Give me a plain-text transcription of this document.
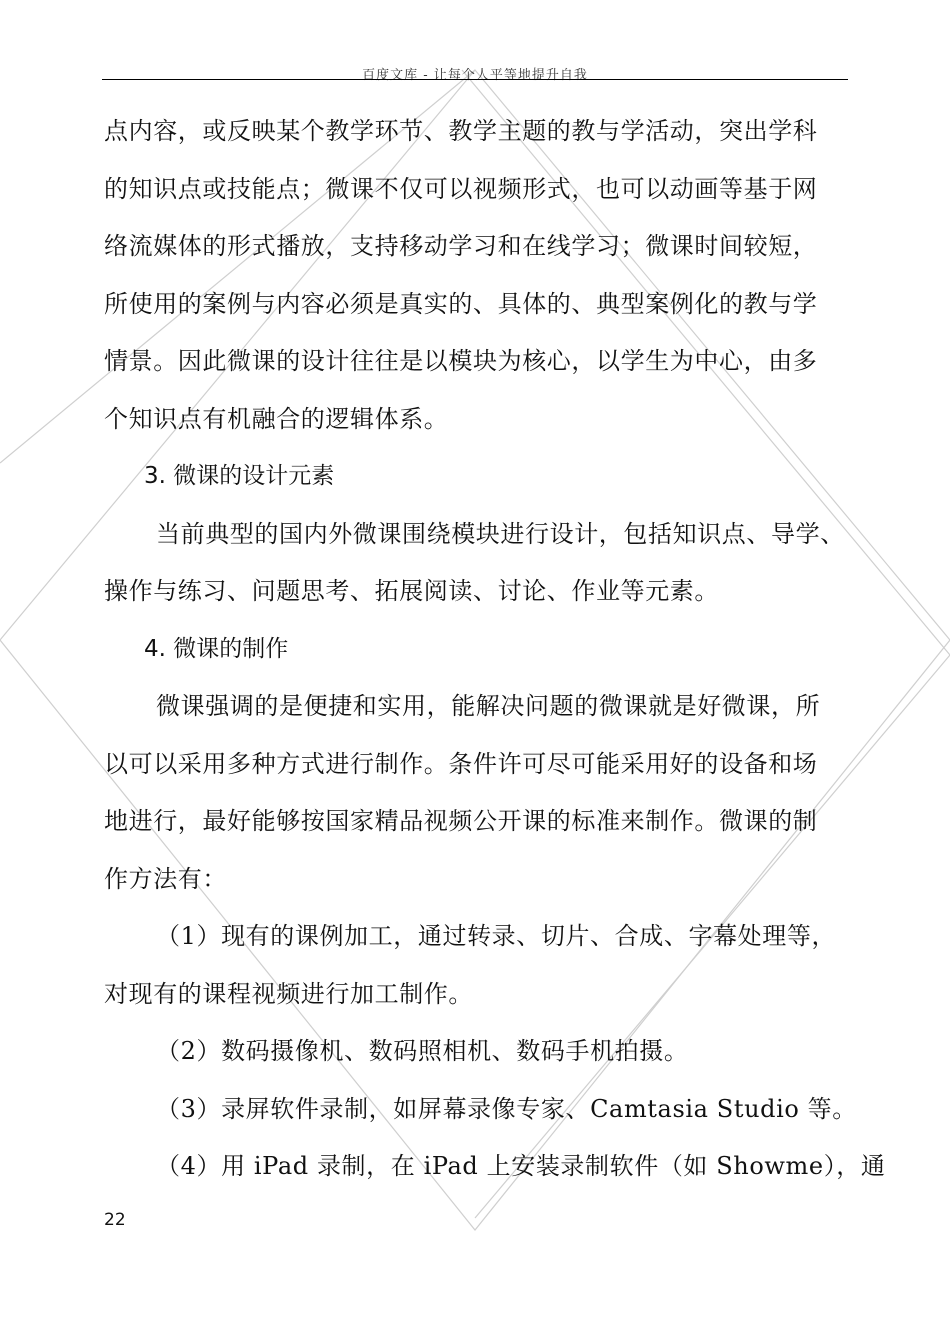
百度文库 - 让每个人平等地提升自我
点内容，或反映某个教学环节、教学主题的教与学活动，突出学科
的知识点或技能点；微课不仅可以视频形式，也可以动画等基于网
络流媒体的形式播放，支持移动学习和在线学习；微课时间较短，
所使用的案例与内容必须是真实的、具体的、典型案例化的教与学
情景。因此微课的设计往往是以模块为核心，以学生为中心，由多
个知识点有机融合的逻辑体系。
3. 微课的设计元素
当前典型的国内外微课围绕模块进行设计，包括知识点、导学、
操作与练习、问题思考、拓展阅读、讨论、作业等元素。
4. 微课的制作
微课强调的是便捷和实用，能解决问题的微课就是好微课，所
以可以采用多种方式进行制作。条件许可尽可能采用好的设备和场
地进行，最好能够按国家精品视频公开课的标准来制作。微课的制
作方法有：
（1）现有的课例加工，通过转录、切片、合成、字幕处理等，
对现有的课程视频进行加工制作。
（2）数码摄像机、数码照相机、数码手机拍摄。
（3）录屏软件录制，如屏幕录像专家、Camtasia Studio 等。
（4）用 iPad 录制，在 iPad 上安装录制软件（如 Showme），通
22
